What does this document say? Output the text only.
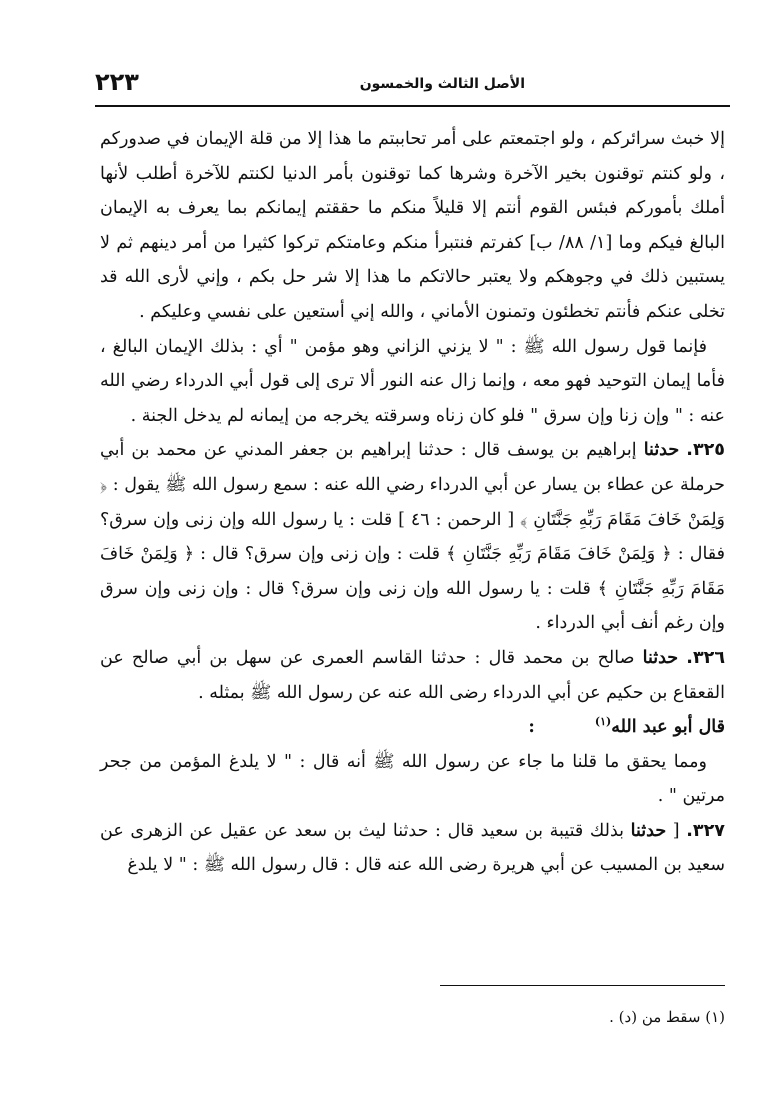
الأصل الثالث والخمسون
٢٢٣

إلا خبث سرائركم ، ولو اجتمعتم على أمر تحاببتم ما هذا إلا من قلة الإيمان في صدوركم ، ولو كنتم توقنون بخير الآخرة وشرها كما توقنون بأمر الدنيا لكنتم للآخرة أطلب لأنها أملك بأموركم فبئس القوم أنتم إلا قليلاً منكم ما حققتم إيمانكم بما يعرف به الإيمان البالغ فيكم وما [١/ ٨٨/ ب] كفرتم فنتبرأ منكم وعامتكم تركوا كثيرا من أمر دينهم ثم لا يستبين ذلك في وجوهكم ولا يعتبر حالاتكم ما هذا إلا شر حل بكم ، وإني لأرى الله قد تخلى عنكم فأنتم تخطئون وتمنون الأماني ، والله إني أستعين على نفسي وعليكم .

فإنما قول رسول الله ﷺ : " لا يزني الزاني وهو مؤمن " أي : بذلك الإيمان البالغ ، فأما إيمان التوحيد فهو معه ، وإنما زال عنه النور ألا ترى إلى قول أبي الدرداء رضي الله عنه : " وإن زنا وإن سرق " فلو كان زناه وسرقته يخرجه من إيمانه لم يدخل الجنة .

٣٢٥. حدثنا إبراهيم بن يوسف قال : حدثنا إبراهيم بن جعفر المدني عن محمد بن أبي حرملة عن عطاء بن يسار عن أبي الدرداء رضي الله عنه : سمع رسول الله ﷺ يقول : ﴿ وَلِمَنْ خَافَ مَقَامَ رَبِّهِ جَنَّتَانِ ﴾ [ الرحمن : ٤٦ ] قلت : يا رسول الله وإن زنى وإن سرق؟ فقال : ﴿ وَلِمَنْ خَافَ مَقَامَ رَبِّهِ جَنَّتَانِ ﴾ قلت : وإن زنى وإن سرق؟ قال : ﴿ وَلِمَنْ خَافَ مَقَامَ رَبِّهِ جَنَّتَانِ ﴾ قلت : يا رسول الله وإن زنى وإن سرق؟ قال : وإن زنى وإن سرق وإن رغم أنف أبي الدرداء .

٣٢٦. حدثنا صالح بن محمد قال : حدثنا القاسم العمرى عن سهل بن أبي صالح عن القعقاع بن حكيم عن أبي الدرداء رضى الله عنه عن رسول الله ﷺ بمثله .

قال أبو عبد الله$^{(١)}$:

ومما يحقق ما قلنا ما جاء عن رسول الله ﷺ أنه قال : " لا يلدغ المؤمن من جحر مرتين " .

٣٢٧. [ حدثنا بذلك قتيبة بن سعيد قال : حدثنا ليث بن سعد عن عقيل عن الزهرى عن سعيد بن المسيب عن أبي هريرة رضى الله عنه قال : قال رسول الله ﷺ : " لا يلدغ

(١) سقط من (د) .
